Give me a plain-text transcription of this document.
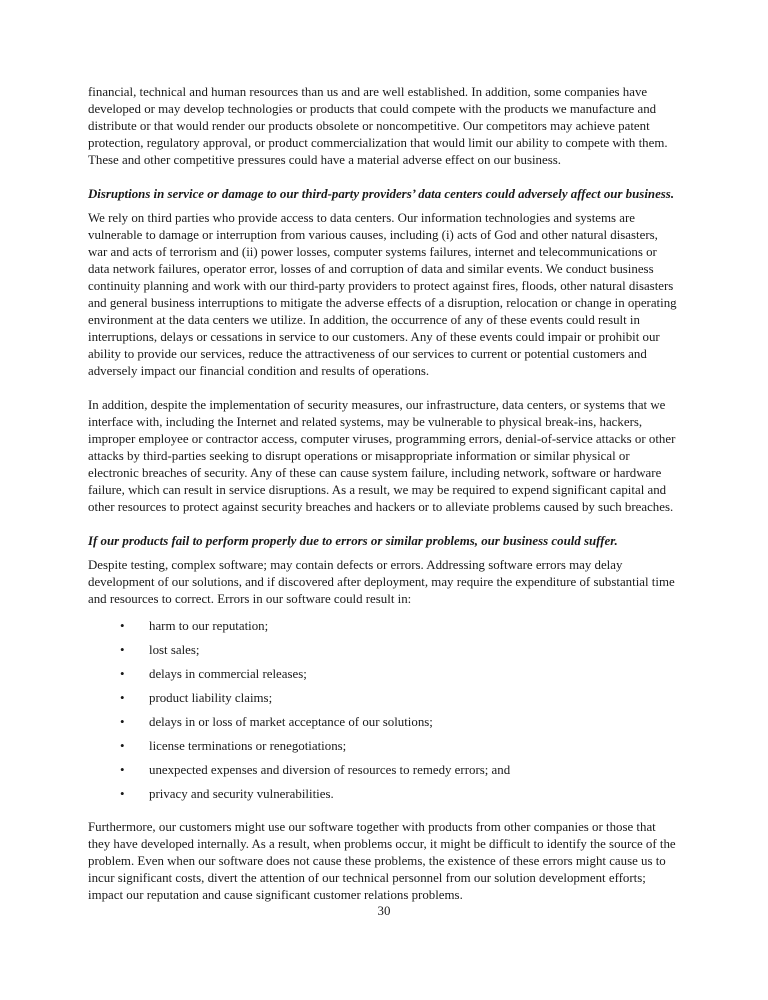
financial, technical and human resources than us and are well established. In addition, some companies have developed or may develop technologies or products that could compete with the products we manufacture and distribute or that would render our products obsolete or noncompetitive. Our competitors may achieve patent protection, regulatory approval, or product commercialization that would limit our ability to compete with them. These and other competitive pressures could have a material adverse effect on our business.

Disruptions in service or damage to our third-party providers’ data centers could adversely affect our business.

We rely on third parties who provide access to data centers. Our information technologies and systems are vulnerable to damage or interruption from various causes, including (i) acts of God and other natural disasters, war and acts of terrorism and (ii) power losses, computer systems failures, internet and telecommunications or data network failures, operator error, losses of and corruption of data and similar events. We conduct business continuity planning and work with our third-party providers to protect against fires, floods, other natural disasters and general business interruptions to mitigate the adverse effects of a disruption, relocation or change in operating environment at the data centers we utilize. In addition, the occurrence of any of these events could result in interruptions, delays or cessations in service to our customers. Any of these events could impair or prohibit our ability to provide our services, reduce the attractiveness of our services to current or potential customers and adversely impact our financial condition and results of operations.

In addition, despite the implementation of security measures, our infrastructure, data centers, or systems that we interface with, including the Internet and related systems, may be vulnerable to physical break-ins, hackers, improper employee or contractor access, computer viruses, programming errors, denial-of-service attacks or other attacks by third-parties seeking to disrupt operations or misappropriate information or similar physical or electronic breaches of security. Any of these can cause system failure, including network, software or hardware failure, which can result in service disruptions. As a result, we may be required to expend significant capital and other resources to protect against security breaches and hackers or to alleviate problems caused by such breaches.

If our products fail to perform properly due to errors or similar problems, our business could suffer.

Despite testing, complex software; may contain defects or errors. Addressing software errors may delay development of our solutions, and if discovered after deployment, may require the expenditure of substantial time and resources to correct. Errors in our software could result in:

• harm to our reputation;
• lost sales;
• delays in commercial releases;
• product liability claims;
• delays in or loss of market acceptance of our solutions;
• license terminations or renegotiations;
• unexpected expenses and diversion of resources to remedy errors; and
• privacy and security vulnerabilities.

Furthermore, our customers might use our software together with products from other companies or those that they have developed internally. As a result, when problems occur, it might be difficult to identify the source of the problem. Even when our software does not cause these problems, the existence of these errors might cause us to incur significant costs, divert the attention of our technical personnel from our solution development efforts; impact our reputation and cause significant customer relations problems.

30
